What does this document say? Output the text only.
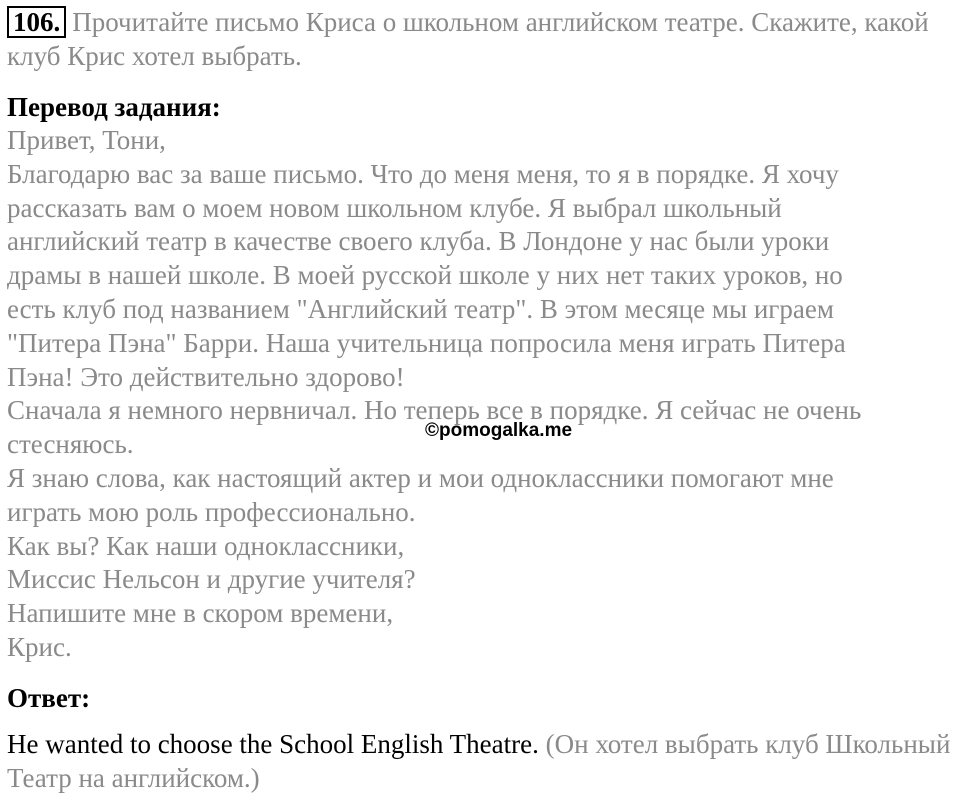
106. Прочитайте письмо Криса о школьном английском театре. Скажите, какой клуб Крис хотел выбрать.
Перевод задания:
Привет, Тони,
Благодарю вас за ваше письмо. Что до меня меня, то я в порядке. Я хочу
рассказать вам о моем новом школьном клубе. Я выбрал школьный
английский театр в качестве своего клуба. В Лондоне у нас были уроки
драмы в нашей школе. В моей русской школе у них нет таких уроков, но
есть клуб под названием "Английский театр". В этом месяце мы играем
"Питера Пэна" Барри. Наша учительница попросила меня играть Питера
Пэна! Это действительно здорово!
Сначала я немного нервничал. Но теперь все в порядке. Я сейчас не очень
стесняюсь.
Я знаю слова, как настоящий актер и мои одноклассники помогают мне
играть мою роль профессионально.
Как вы? Как наши одноклассники,
Миссис Нельсон и другие учителя?
Напишите мне в скором времени,
Крис.
Ответ:
He wanted to choose the School English Theatre. (Он хотел выбрать клуб Школьный Театр на английском.)
©pomogalka.me
